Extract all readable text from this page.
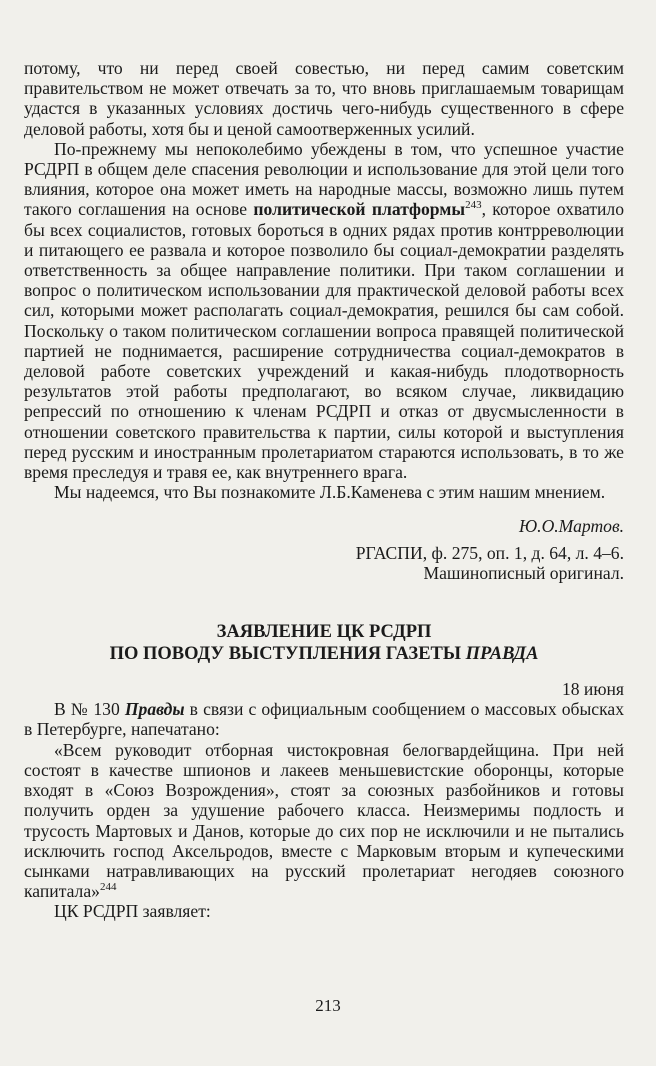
потому, что ни перед своей совестью, ни перед самим советским правительством не может отвечать за то, что вновь приглашаемым товарищам удастся в указанных условиях достичь чего-нибудь существенного в сфере деловой работы, хотя бы и ценой самоотверженных усилий.

По-прежнему мы непоколебимо убеждены в том, что успешное участие РСДРП в общем деле спасения революции и использование для этой цели того влияния, которое она может иметь на народные массы, возможно лишь путем такого соглашения на основе политической платформы$^{243}$, которое охватило бы всех социалистов, готовых бороться в одних рядах против контрреволюции и питающего ее развала и которое позволило бы социал-демократии разделять ответственность за общее направление политики. При таком соглашении и вопрос о политическом использовании для практической деловой работы всех сил, которыми может располагать социал-демократия, решился бы сам собой. Поскольку о таком политическом соглашении вопроса правящей политической партией не поднимается, расширение сотрудничества социал-демократов в деловой работе советских учреждений и какая-нибудь плодотворность результатов этой работы предполагают, во всяком случае, ликвидацию репрессий по отношению к членам РСДРП и отказ от двусмысленности в отношении советского правительства к партии, силы которой и выступления перед русским и иностранным пролетариатом стараются использовать, в то же время преследуя и травя ее, как внутреннего врага.

Мы надеемся, что Вы познакомите Л.Б.Каменева с этим нашим мнением.

Ю.О.Мартов.

РГАСПИ, ф. 275, оп. 1, д. 64, л. 4–6.
Машинописный оригинал.

ЗАЯВЛЕНИЕ ЦК РСДРП
ПО ПОВОДУ ВЫСТУПЛЕНИЯ ГАЗЕТЫ ПРАВДА

18 июня

В № 130 Правды в связи с официальным сообщением о массовых обысках в Петербурге, напечатано:

«Всем руководит отборная чистокровная белогвардейщина. При ней состоят в качестве шпионов и лакеев меньшевистские оборонцы, которые входят в «Союз Возрождения», стоят за союзных разбойников и готовы получить орден за удушение рабочего класса. Неизмеримы подлость и трусость Мартовых и Данов, которые до сих пор не исключили и не пытались исключить господ Аксельродов, вместе с Марковым вторым и купеческими сынками натравливающих на русский пролетариат негодяев союзного капитала»$^{244}$

ЦК РСДРП заявляет:

213
